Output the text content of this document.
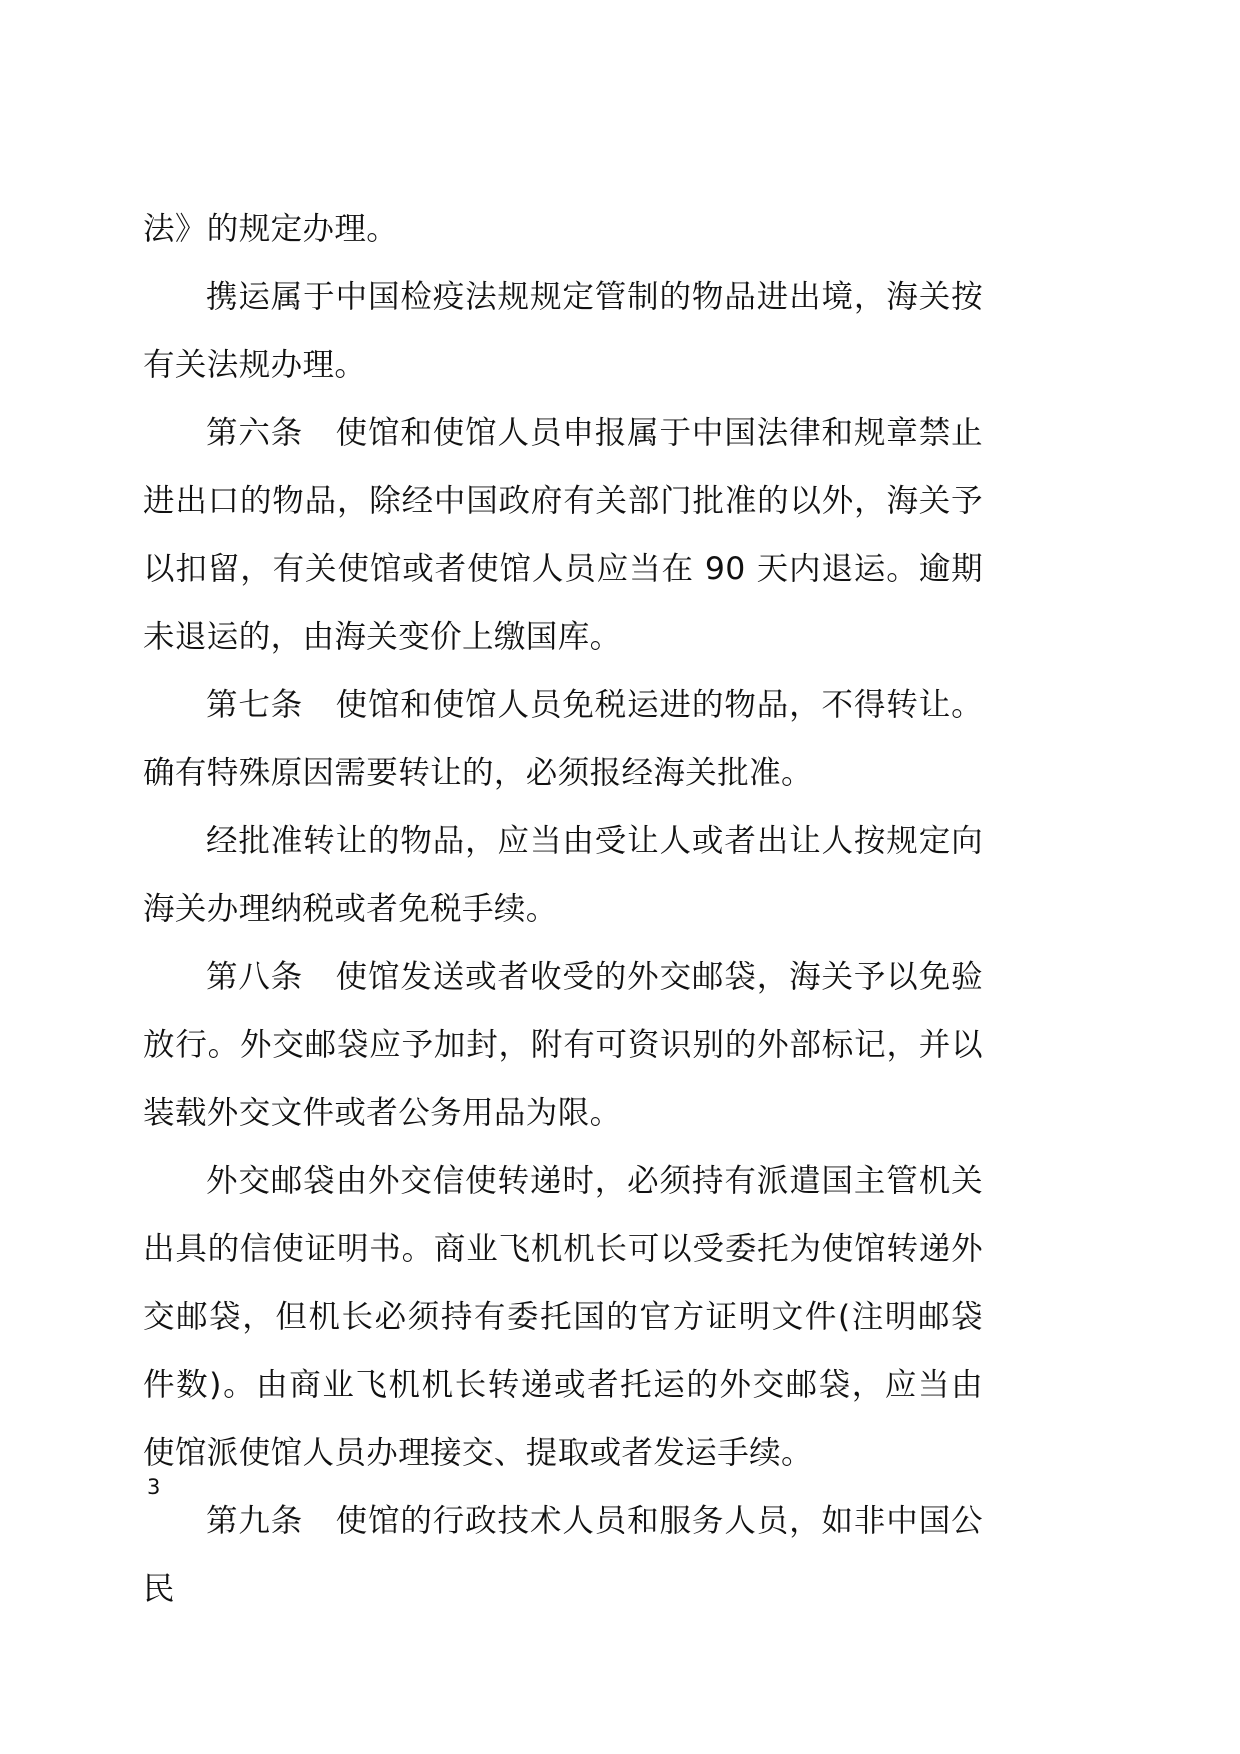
法》的规定办理。

携运属于中国检疫法规规定管制的物品进出境，海关按有关法规办理。

第六条　使馆和使馆人员申报属于中国法律和规章禁止进出口的物品，除经中国政府有关部门批准的以外，海关予以扣留，有关使馆或者使馆人员应当在 90 天内退运。逾期未退运的，由海关变价上缴国库。

第七条　使馆和使馆人员免税运进的物品，不得转让。确有特殊原因需要转让的，必须报经海关批准。

经批准转让的物品，应当由受让人或者出让人按规定向海关办理纳税或者免税手续。

第八条　使馆发送或者收受的外交邮袋，海关予以免验放行。外交邮袋应予加封，附有可资识别的外部标记，并以装载外交文件或者公务用品为限。

外交邮袋由外交信使转递时，必须持有派遣国主管机关出具的信使证明书。商业飞机机长可以受委托为使馆转递外交邮袋，但机长必须持有委托国的官方证明文件(注明邮袋件数)。由商业飞机机长转递或者托运的外交邮袋，应当由使馆派使馆人员办理接交、提取或者发运手续。

第九条　使馆的行政技术人员和服务人员，如非中国公民

3
